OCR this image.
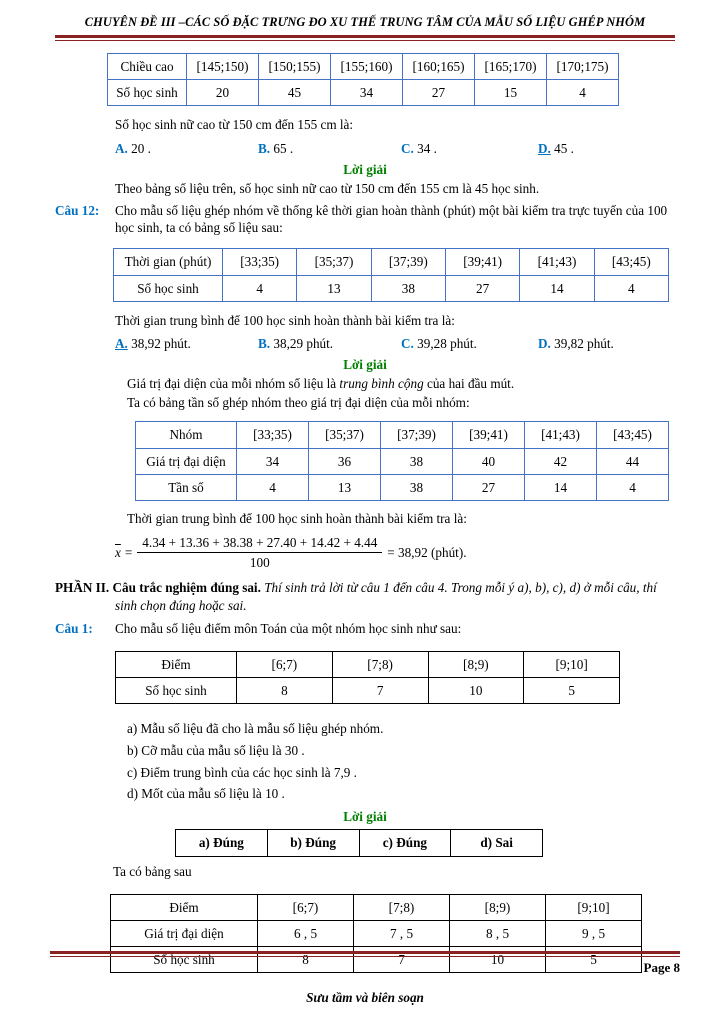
CHUYÊN ĐỀ III –CÁC SỐ ĐẶC TRƯNG ĐO XU THẾ TRUNG TÂM CỦA MẪU SỐ LIỆU GHÉP NHÓM
Chiều cao	[145;150)	[150;155)	[155;160)	[160;165)	[165;170)	[170;175)
Số học sinh	20	45	34	27	15	4
Số học sinh nữ cao từ 150 cm đến 155 cm là:
A. 20 .	B. 65 .	C. 34 .	D. 45 .
Lời giải
Theo bảng số liệu trên, số học sinh nữ cao từ 150 cm đến 155 cm là 45 học sinh.
Câu 12:	Cho mẫu số liệu ghép nhóm về thống kê thời gian hoàn thành (phút) một bài kiểm tra trực tuyến của 100 học sinh, ta có bảng số liệu sau:
Thời gian (phút)	[33;35)	[35;37)	[37;39)	[39;41)	[41;43)	[43;45)
Số học sinh	4	13	38	27	14	4
Thời gian trung bình để 100 học sinh hoàn thành bài kiểm tra là:
A. 38,92 phút.	B. 38,29 phút.	C. 39,28 phút.	D. 39,82 phút.
Lời giải
Giá trị đại diện của mỗi nhóm số liệu là trung bình cộng của hai đầu mút.
Ta có bảng tần số ghép nhóm theo giá trị đại diện của mỗi nhóm:
Nhóm	[33;35)	[35;37)	[37;39)	[39;41)	[41;43)	[43;45)
Giá trị đại diện	34	36	38	40	42	44
Tần số	4	13	38	27	14	4
Thời gian trung bình để 100 học sinh hoàn thành bài kiểm tra là:
$\overline{x} = \frac{4.34 + 13.36 + 38.38 + 27.40 + 14.42 + 4.44}{100} = 38,92$ (phút).
PHẦN II. Câu trắc nghiệm đúng sai. Thí sinh trả lời từ câu 1 đến câu 4. Trong mỗi ý a), b), c), d) ở mỗi câu, thí sinh chọn đúng hoặc sai.
Câu 1:	Cho mẫu số liệu điểm môn Toán của một nhóm học sinh như sau:
Điểm	[6;7)	[7;8)	[8;9)	[9;10]
Số học sinh	8	7	10	5
a) Mẫu số liệu đã cho là mẫu số liệu ghép nhóm.
b) Cỡ mẫu của mẫu số liệu là 30 .
c) Điểm trung bình của các học sinh là 7,9 .
d) Mốt của mẫu số liệu là 10 .
Lời giải
a) Đúng	b) Đúng	c) Đúng	d) Sai
Ta có bảng sau
Điểm	[6;7)	[7;8)	[8;9)	[9;10]
Giá trị đại diện	6 , 5	7 , 5	8 , 5	9 , 5
Số học sinh	8	7	10	5
Page 8
Sưu tầm và biên soạn
